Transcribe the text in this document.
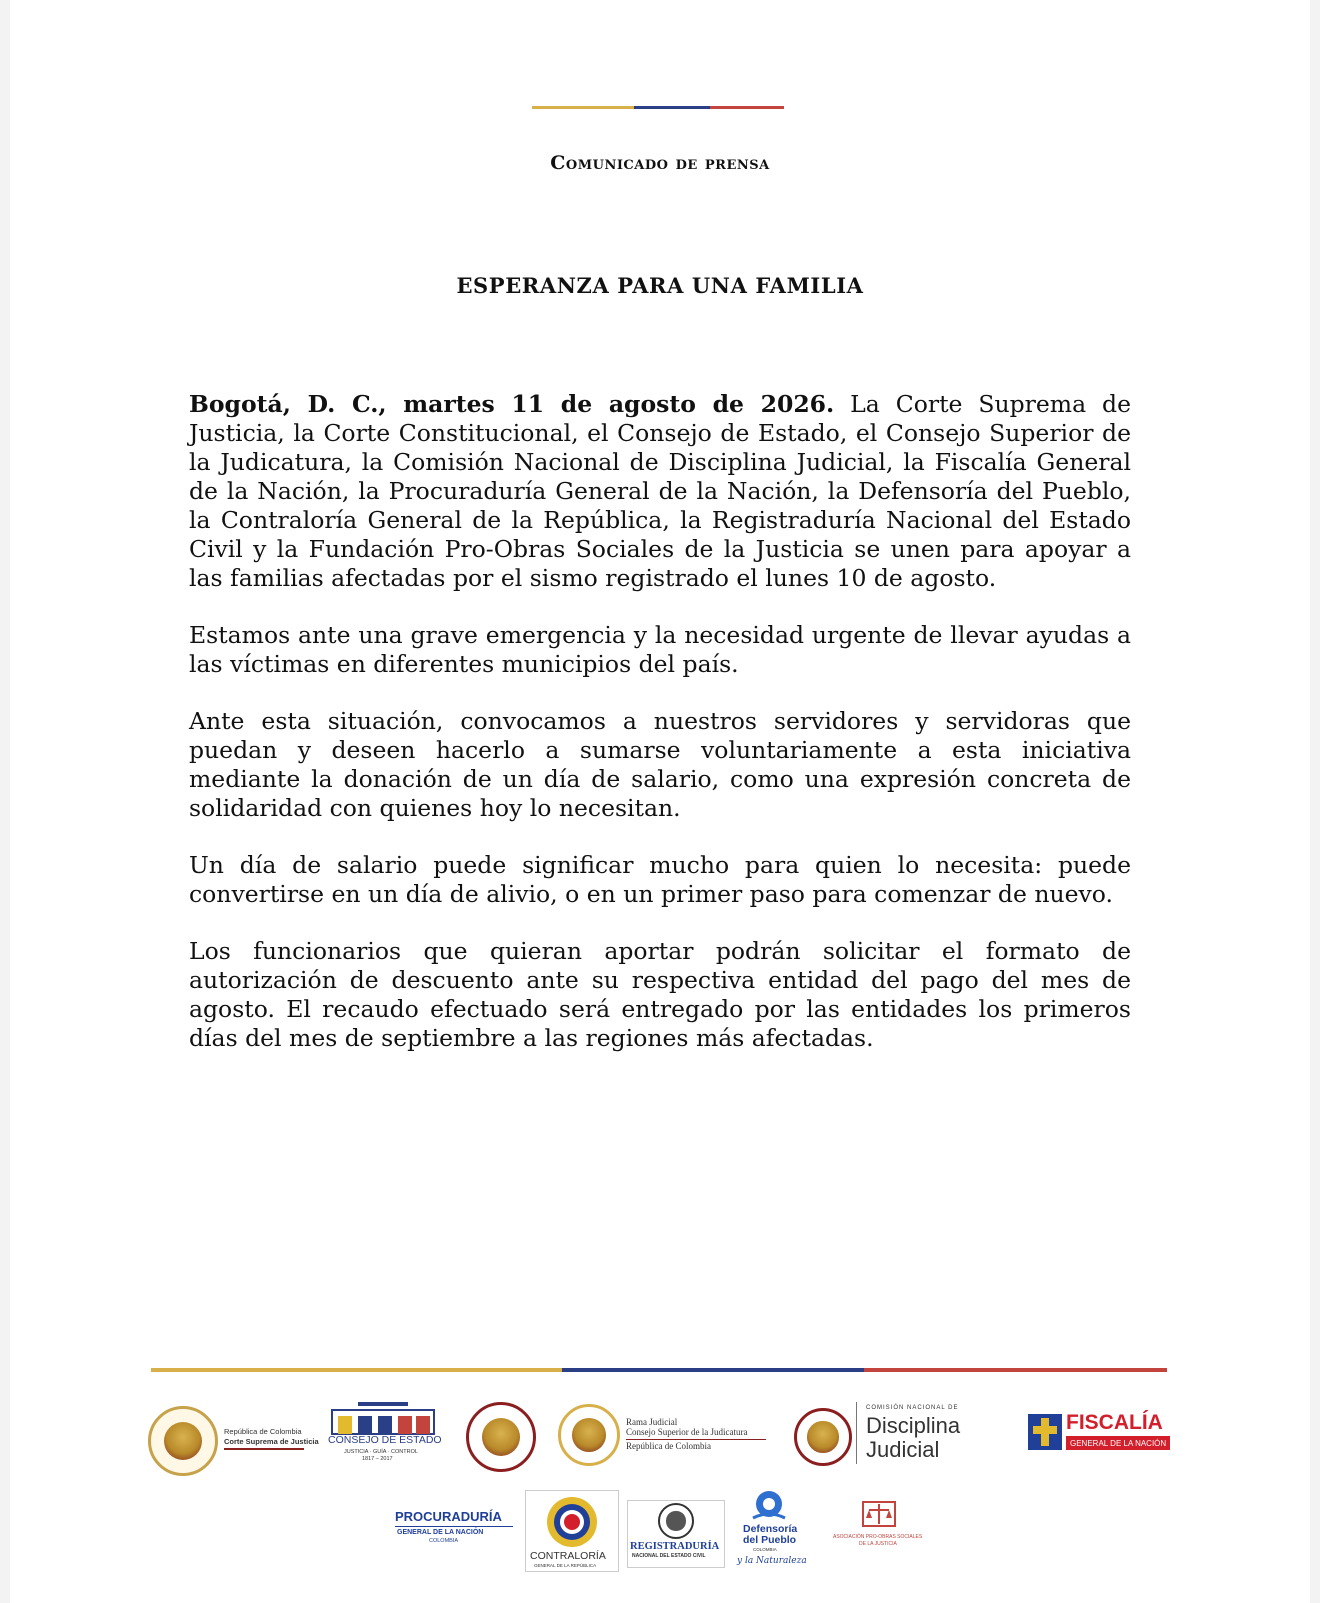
Comunicado de prensa
ESPERANZA PARA UNA FAMILIA

Bogotá, D. C., martes 11 de agosto de 2026. La Corte Suprema de Justicia, la Corte Constitucional, el Consejo de Estado, el Consejo Superior de la Judicatura, la Comisión Nacional de Disciplina Judicial, la Fiscalía General de la Nación, la Procuraduría General de la Nación, la Defensoría del Pueblo, la Contraloría General de la República, la Registraduría Nacional del Estado Civil y la Fundación Pro-Obras Sociales de la Justicia se unen para apoyar a las familias afectadas por el sismo registrado el lunes 10 de agosto.

Estamos ante una grave emergencia y la necesidad urgente de llevar ayudas a las víctimas en diferentes municipios del país.

Ante esta situación, convocamos a nuestros servidores y servidoras que puedan y deseen hacerlo a sumarse voluntariamente a esta iniciativa mediante la donación de un día de salario, como una expresión concreta de solidaridad con quienes hoy lo necesitan.

Un día de salario puede significar mucho para quien lo necesita: puede convertirse en un día de alivio, o en un primer paso para comenzar de nuevo.

Los funcionarios que quieran aportar podrán solicitar el formato de autorización de descuento ante su respectiva entidad del pago del mes de agosto. El recaudo efectuado será entregado por las entidades los primeros días del mes de septiembre a las regiones más afectadas.

República de Colombia
Corte Suprema de Justicia CONSEJO DE ESTADO
JUSTICIA · GUÍA · CONTROL
1817 – 2017
Rama Judicial
Consejo Superior de la Judicatura
República de Colombia
COMISIÓN NACIONAL DE
Disciplina
Judicial
FISCALÍA
GENERAL DE LA NACIÓN
PROCURADURÍA
GENERAL DE LA NACIÓN
COLOMBIA
CONTRALORÍA
GENERAL DE LA REPÚBLICA
REGISTRADURÍA
NACIONAL DEL ESTADO CIVIL
Defensoría
del Pueblo
COLOMBIA
y la Naturaleza
ASOCIACIÓN PRO-OBRAS SOCIALES
DE LA JUSTICIA
